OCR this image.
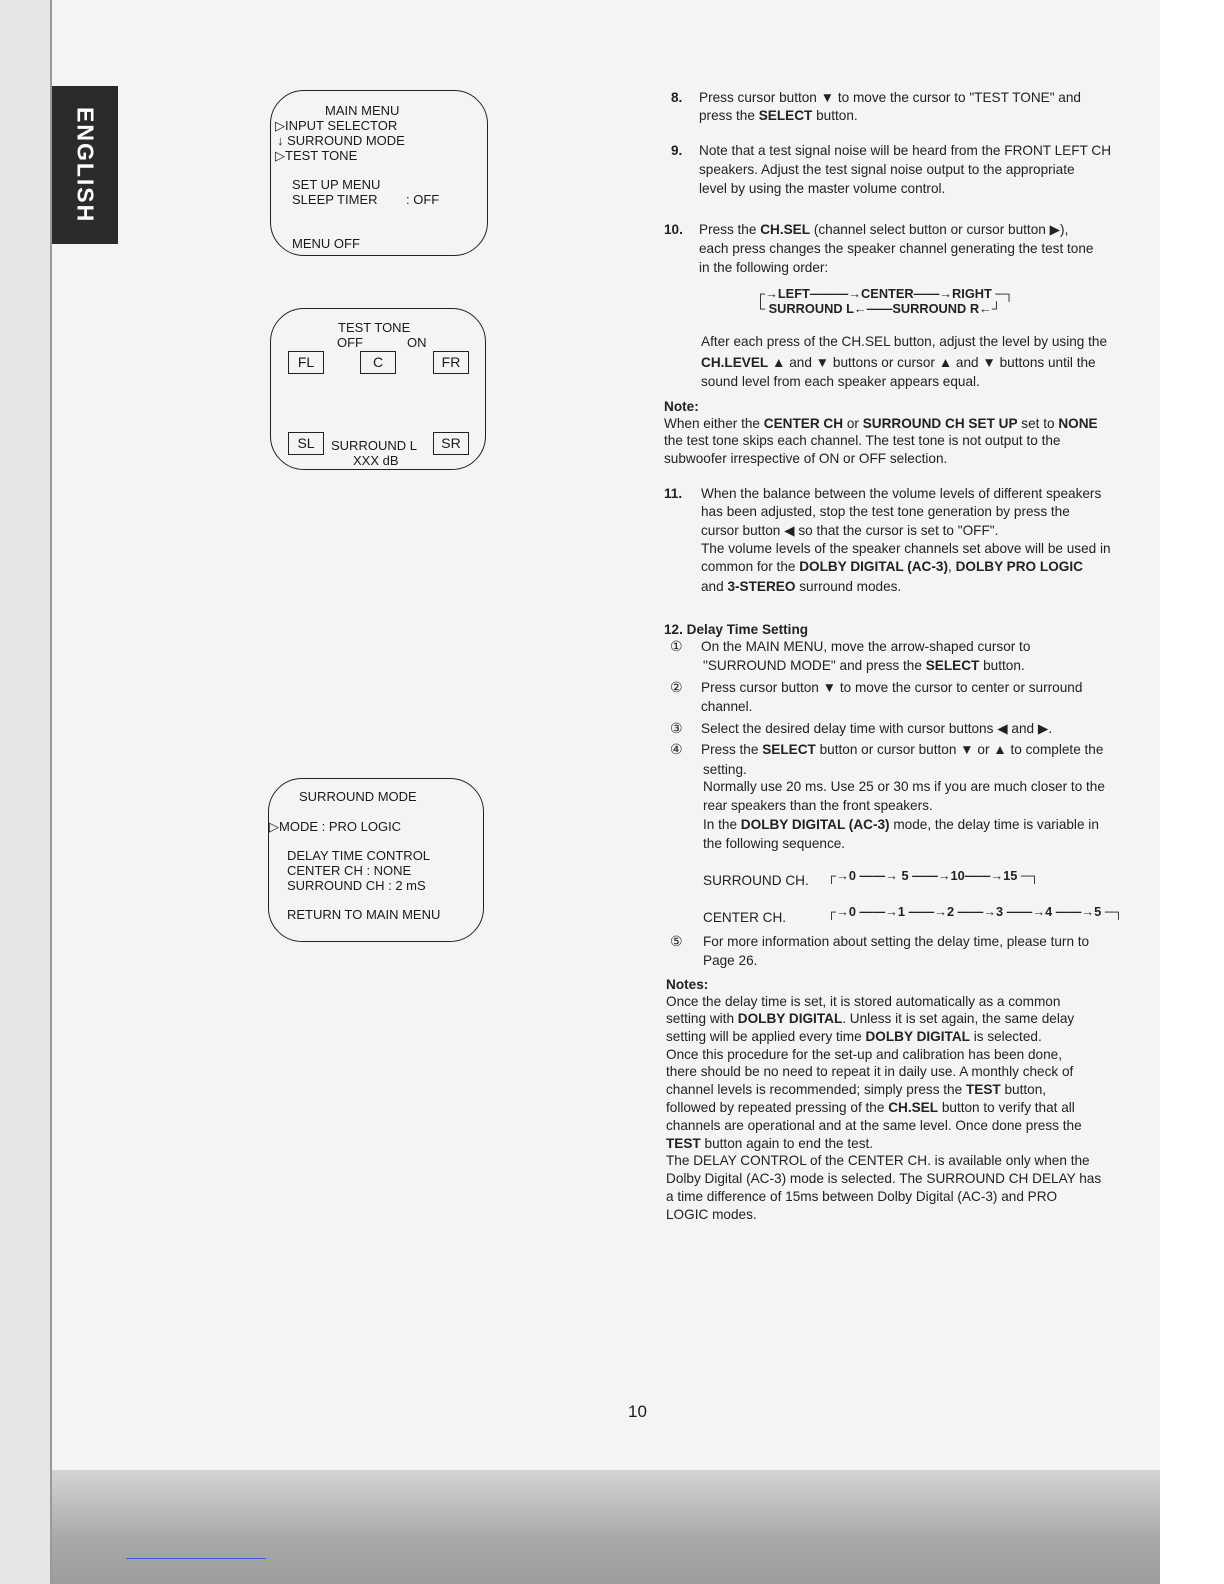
ENGLISH	MAIN MENU
▷INPUT SELECTOR
↓ SURROUND MODE
▷TEST TONE
SET UP MENU
SLEEP TIMER : OFF
MENU OFF
TEST TONE
OFF	ON
FL	C	FR
SL	SURROUND L	SR
XXX dB
SURROUND MODE
▷MODE : PRO LOGIC
DELAY TIME CONTROL
CENTER CH : NONE
SURROUND CH : 2 mS
RETURN TO MAIN MENU
8. Press cursor button ▼ to move the cursor to "TEST TONE" and
press the SELECT button.
9. Note that a test signal noise will be heard from the FRONT LEFT CH
speakers. Adjust the test signal noise output to the appropriate
level by using the master volume control.
10. Press the CH.SEL (channel select button or cursor button ▶),
each press changes the speaker channel generating the test tone
in the following order:
┌→LEFT———→CENTER——→RIGHT ─┐
└ SURROUND L←——SURROUND R←┘
After each press of the CH.SEL button, adjust the level by using the
CH.LEVEL ▲ and ▼ buttons or cursor ▲ and ▼ buttons until the
sound level from each speaker appears equal.
Note:
When either the CENTER CH or SURROUND CH SET UP set to NONE
the test tone skips each channel. The test tone is not output to the
subwoofer irrespective of ON or OFF selection.
11. When the balance between the volume levels of different speakers
has been adjusted, stop the test tone generation by press the
cursor button ◀ so that the cursor is set to "OFF".
The volume levels of the speaker channels set above will be used in
common for the DOLBY DIGITAL (AC-3), DOLBY PRO LOGIC
and 3-STEREO surround modes.
12. Delay Time Setting
① On the MAIN MENU, move the arrow-shaped cursor to
"SURROUND MODE" and press the SELECT button.
② Press cursor button ▼ to move the cursor to center or surround
channel.
③ Select the desired delay time with cursor buttons ◀ and ▶.
④ Press the SELECT button or cursor button ▼ or ▲ to complete the
setting.
Normally use 20 ms. Use 25 or 30 ms if you are much closer to the
rear speakers than the front speakers.
In the DOLBY DIGITAL (AC-3) mode, the delay time is variable in
the following sequence.
SURROUND CH. ┌→0 ——→ 5 ——→10——→15 ─┐
CENTER CH.	┌→0 ——→1 ——→2 ——→3 ——→4 ——→5 ─┐
⑤ For more information about setting the delay time, please turn to
Page 26.
Notes:
Once the delay time is set, it is stored automatically as a common
setting with DOLBY DIGITAL. Unless it is set again, the same delay
setting will be applied every time DOLBY DIGITAL is selected.
Once this procedure for the set-up and calibration has been done,
there should be no need to repeat it in daily use. A monthly check of
channel levels is recommended; simply press the TEST button,
followed by repeated pressing of the CH.SEL button to verify that all
channels are operational and at the same level. Once done press the
TEST button again to end the test.
The DELAY CONTROL of the CENTER CH. is available only when the
Dolby Digital (AC-3) mode is selected. The SURROUND CH DELAY has
a time difference of 15ms between Dolby Digital (AC-3) and PRO
LOGIC modes.
10
